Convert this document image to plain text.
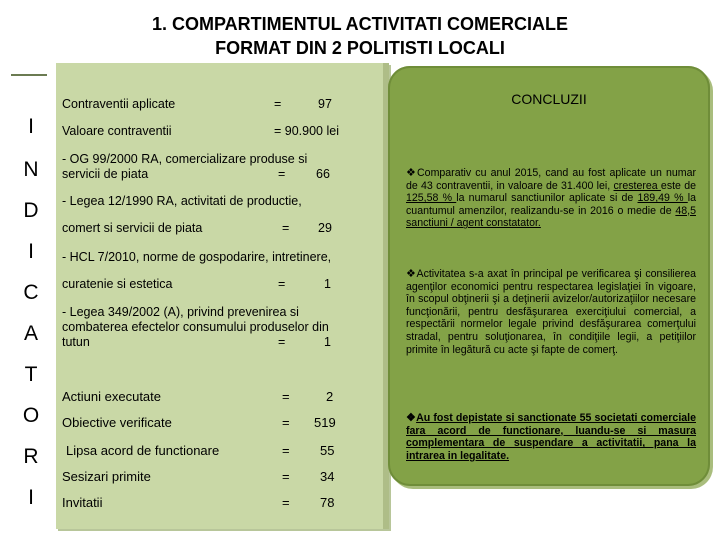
1. COMPARTIMENTUL ACTIVITATI COMERCIALE
FORMAT DIN 2 POLITISTI LOCALI
I
N
D
I
C
A
T
O
R
I
Contraventii aplicate	=	97
Valoare contraventii	= 90.900 lei
- OG 99/2000 RA, comercializare produse si
servicii de piata	= 66
- Legea 12/1990 RA, activitati de productie,
comert si servicii de piata	= 29
- HCL 7/2010, norme de gospodarire, intretinere,
curatenie si estetica	=	1
- Legea 349/2002 (A), privind prevenirea si
combaterea efectelor consumului produselor din
tutun	=	1
Actiuni executate	=	2
Obiective verificate	= 519
Lipsa acord de functionare	= 55
Sesizari primite	= 34
Invitatii	= 78
CONCLUZII
❖Comparativ cu anul 2015, cand au fost aplicate un numar de 43 contraventii, in valoare de 31.400 lei, cresterea este de 125,58 % la numarul sanctiunilor aplicate si de 189,49 % la cuantumul amenzilor, realizandu-se in 2016 o medie de 48,5 sanctiuni / agent constatator.
❖Activitatea s-a axat în principal pe verificarea şi consilierea agenţilor economici pentru respectarea legislaţiei în vigoare, în scopul obţinerii şi a deţinerii avizelor/autorizaţiilor necesare funcţionării, pentru desfăşurarea exerciţiului comercial, a respectării normelor legale privind desfăşurarea comerţului stradal, pentru soluţionarea, în condiţiile legii, a petiţiilor primite în legătură cu acte şi fapte de comerţ.
❖Au fost depistate si sanctionate 55 societati comerciale fara acord de functionare, luandu-se si masura complementara de suspendare a activitatii, pana la intrarea in legalitate.
